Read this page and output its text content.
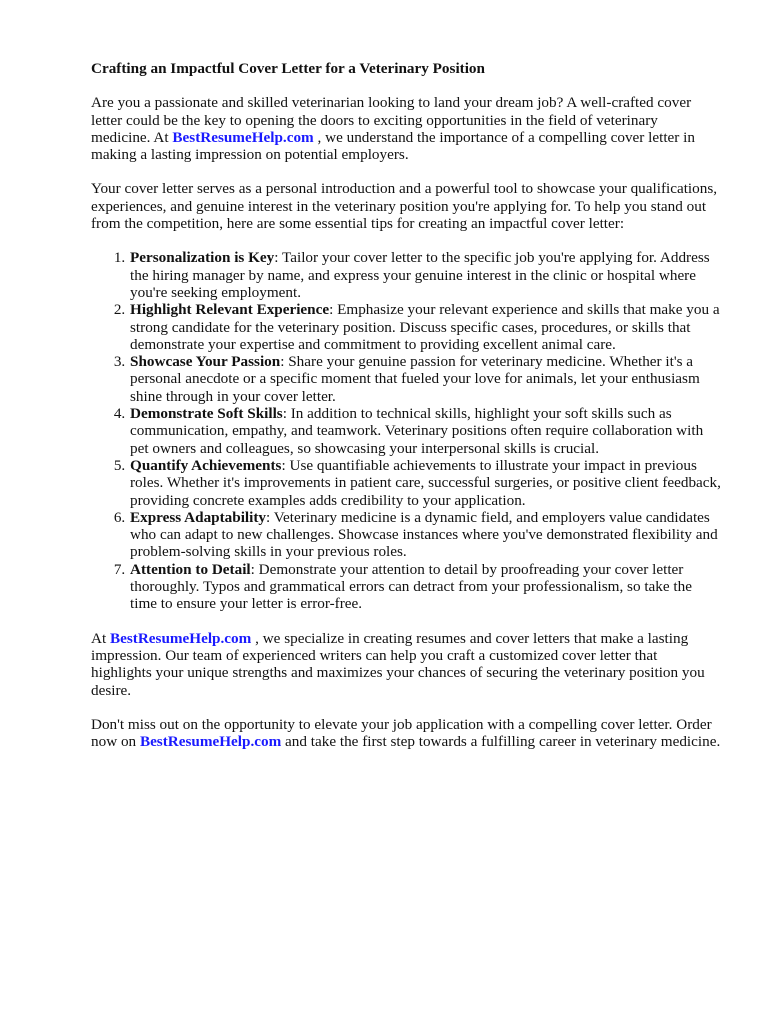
Crafting an Impactful Cover Letter for a Veterinary Position

Are you a passionate and skilled veterinarian looking to land your dream job? A well-crafted cover letter could be the key to opening the doors to exciting opportunities in the field of veterinary medicine. At BestResumeHelp.com , we understand the importance of a compelling cover letter in making a lasting impression on potential employers.

Your cover letter serves as a personal introduction and a powerful tool to showcase your qualifications, experiences, and genuine interest in the veterinary position you're applying for. To help you stand out from the competition, here are some essential tips for creating an impactful cover letter:

1. Personalization is Key: Tailor your cover letter to the specific job you're applying for. Address the hiring manager by name, and express your genuine interest in the clinic or hospital where you're seeking employment.
2. Highlight Relevant Experience: Emphasize your relevant experience and skills that make you a strong candidate for the veterinary position. Discuss specific cases, procedures, or skills that demonstrate your expertise and commitment to providing excellent animal care.
3. Showcase Your Passion: Share your genuine passion for veterinary medicine. Whether it's a personal anecdote or a specific moment that fueled your love for animals, let your enthusiasm shine through in your cover letter.
4. Demonstrate Soft Skills: In addition to technical skills, highlight your soft skills such as communication, empathy, and teamwork. Veterinary positions often require collaboration with pet owners and colleagues, so showcasing your interpersonal skills is crucial.
5. Quantify Achievements: Use quantifiable achievements to illustrate your impact in previous roles. Whether it's improvements in patient care, successful surgeries, or positive client feedback, providing concrete examples adds credibility to your application.
6. Express Adaptability: Veterinary medicine is a dynamic field, and employers value candidates who can adapt to new challenges. Showcase instances where you've demonstrated flexibility and problem-solving skills in your previous roles.
7. Attention to Detail: Demonstrate your attention to detail by proofreading your cover letter thoroughly. Typos and grammatical errors can detract from your professionalism, so take the time to ensure your letter is error-free.

At BestResumeHelp.com , we specialize in creating resumes and cover letters that make a lasting impression. Our team of experienced writers can help you craft a customized cover letter that highlights your unique strengths and maximizes your chances of securing the veterinary position you desire.

Don't miss out on the opportunity to elevate your job application with a compelling cover letter. Order now on BestResumeHelp.com and take the first step towards a fulfilling career in veterinary medicine.
